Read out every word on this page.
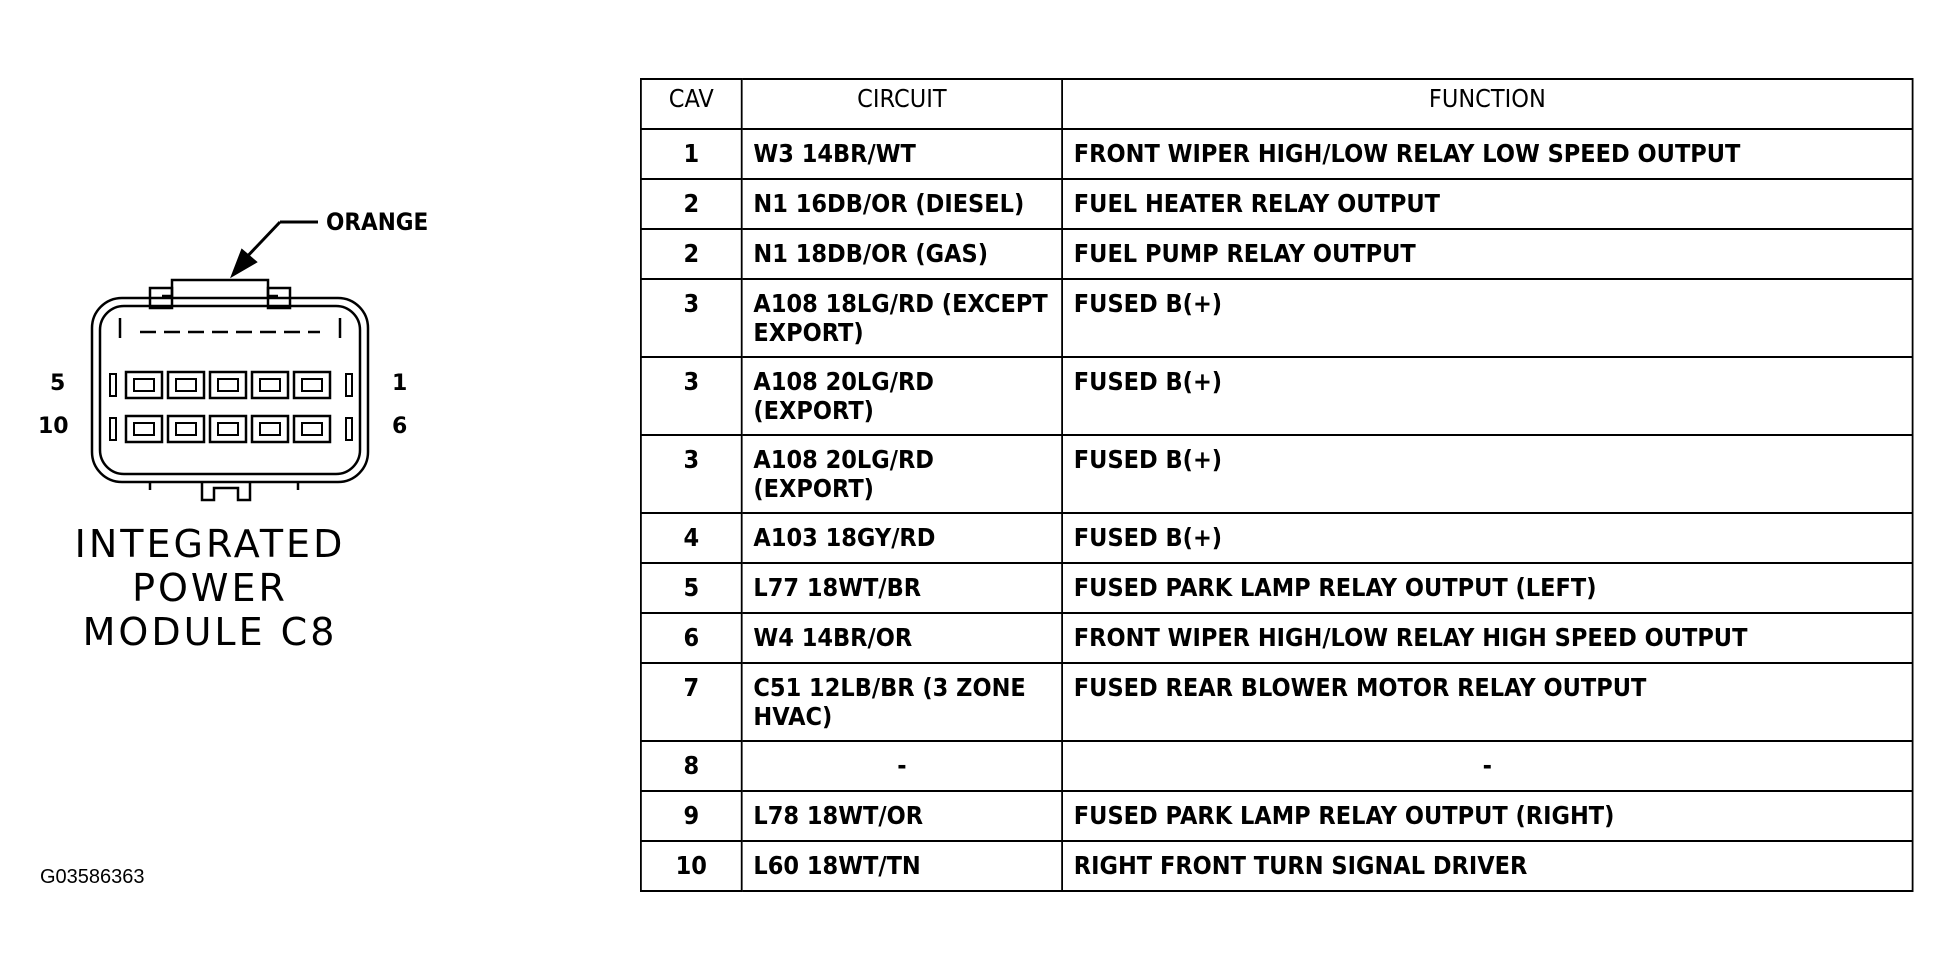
ORANGE
5
10
1
6
INTEGRATED
POWER
MODULE C8
CAV	CIRCUIT	FUNCTION
1	W3 14BR/WT	FRONT WIPER HIGH/LOW RELAY LOW SPEED OUTPUT
2	N1 16DB/OR (DIESEL)	FUEL HEATER RELAY OUTPUT
2	N1 18DB/OR (GAS)	FUEL PUMP RELAY OUTPUT
3	A108 18LG/RD (EXCEPT EXPORT)	FUSED B(+)
3	A108 20LG/RD (EXPORT)	FUSED B(+)
3	A108 20LG/RD (EXPORT)	FUSED B(+)
4	A103 18GY/RD	FUSED B(+)
5	L77 18WT/BR	FUSED PARK LAMP RELAY OUTPUT (LEFT)
6	W4 14BR/OR	FRONT WIPER HIGH/LOW RELAY HIGH SPEED OUTPUT
7	C51 12LB/BR (3 ZONE HVAC)	FUSED REAR BLOWER MOTOR RELAY OUTPUT
8	-	-
9	L78 18WT/OR	FUSED PARK LAMP RELAY OUTPUT (RIGHT)
10	L60 18WT/TN	RIGHT FRONT TURN SIGNAL DRIVER
G03586363
